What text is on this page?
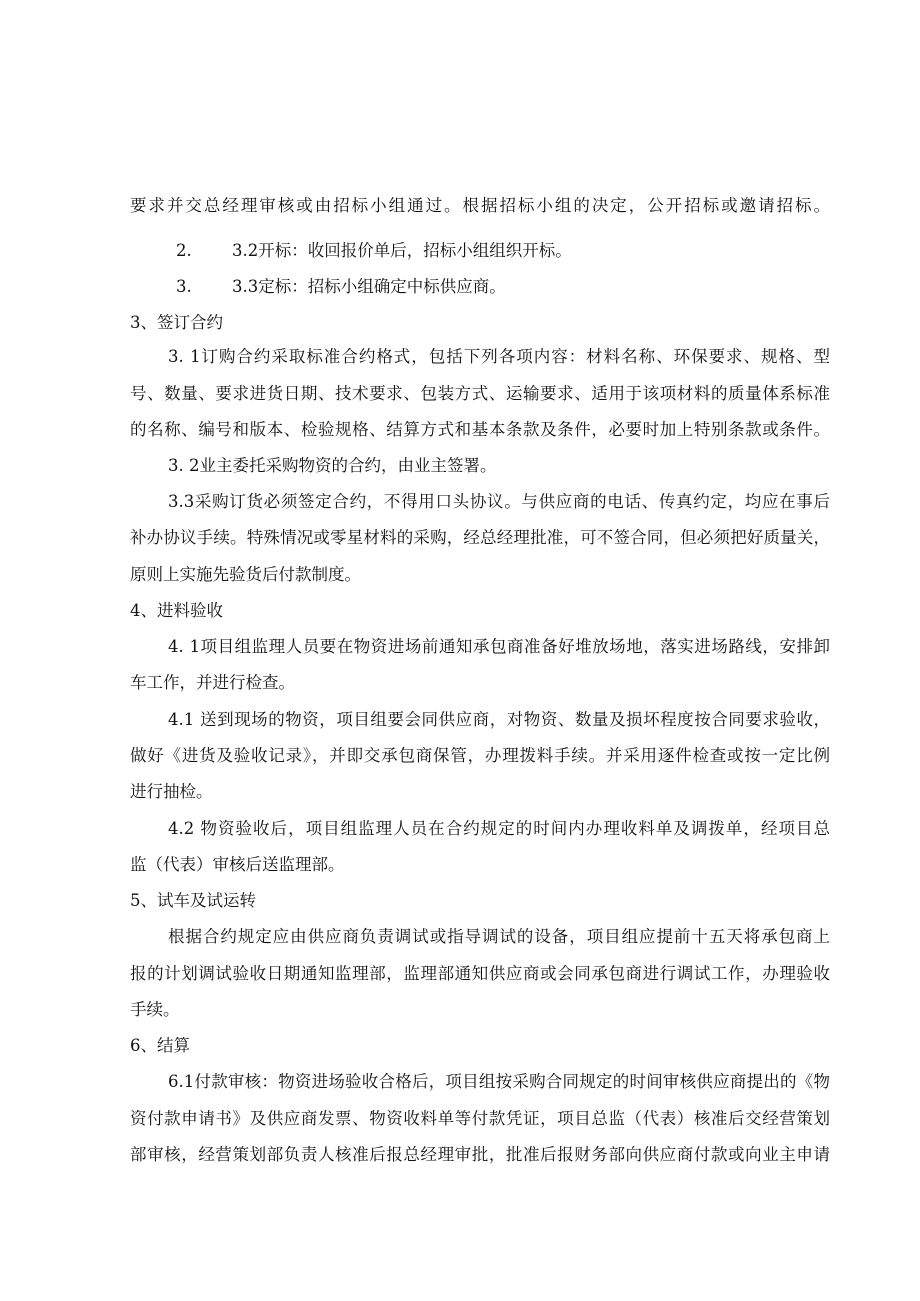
要求并交总经理审核或由招标小组通过。根据招标小组的决定，公开招标或邀请招标。
2. 3.2开标：收回报价单后，招标小组组织开标。
3. 3.3定标：招标小组确定中标供应商。
3、签订合约
3. 1订购合约采取标准合约格式，包括下列各项内容：材料名称、环保要求、规格、型
号、数量、要求进货日期、技术要求、包装方式、运输要求、适用于该项材料的质量体系标准
的名称、编号和版本、检验规格、结算方式和基本条款及条件，必要时加上特别条款或条件。
3. 2业主委托采购物资的合约，由业主签署。
3.3采购订货必须签定合约，不得用口头协议。与供应商的电话、传真约定，均应在事后
补办协议手续。特殊情况或零星材料的采购，经总经理批准，可不签合同，但必须把好质量关，
原则上实施先验货后付款制度。
4、进料验收
4. 1项目组监理人员要在物资进场前通知承包商准备好堆放场地，落实进场路线，安排卸
车工作，并进行检查。
4.1 送到现场的物资，项目组要会同供应商，对物资、数量及损坏程度按合同要求验收，
做好《进货及验收记录》，并即交承包商保管，办理拨料手续。并采用逐件检查或按一定比例
进行抽检。
4.2 物资验收后，项目组监理人员在合约规定的时间内办理收料单及调拨单，经项目总
监（代表）审核后送监理部。
5、试车及试运转
根据合约规定应由供应商负责调试或指导调试的设备，项目组应提前十五天将承包商上
报的计划调试验收日期通知监理部，监理部通知供应商或会同承包商进行调试工作，办理验收
手续。
6、结算
6.1付款审核：物资进场验收合格后，项目组按采购合同规定的时间审核供应商提出的《物
资付款申请书》及供应商发票、物资收料单等付款凭证，项目总监（代表）核准后交经营策划
部审核，经营策划部负责人核准后报总经理审批，批准后报财务部向供应商付款或向业主申请
